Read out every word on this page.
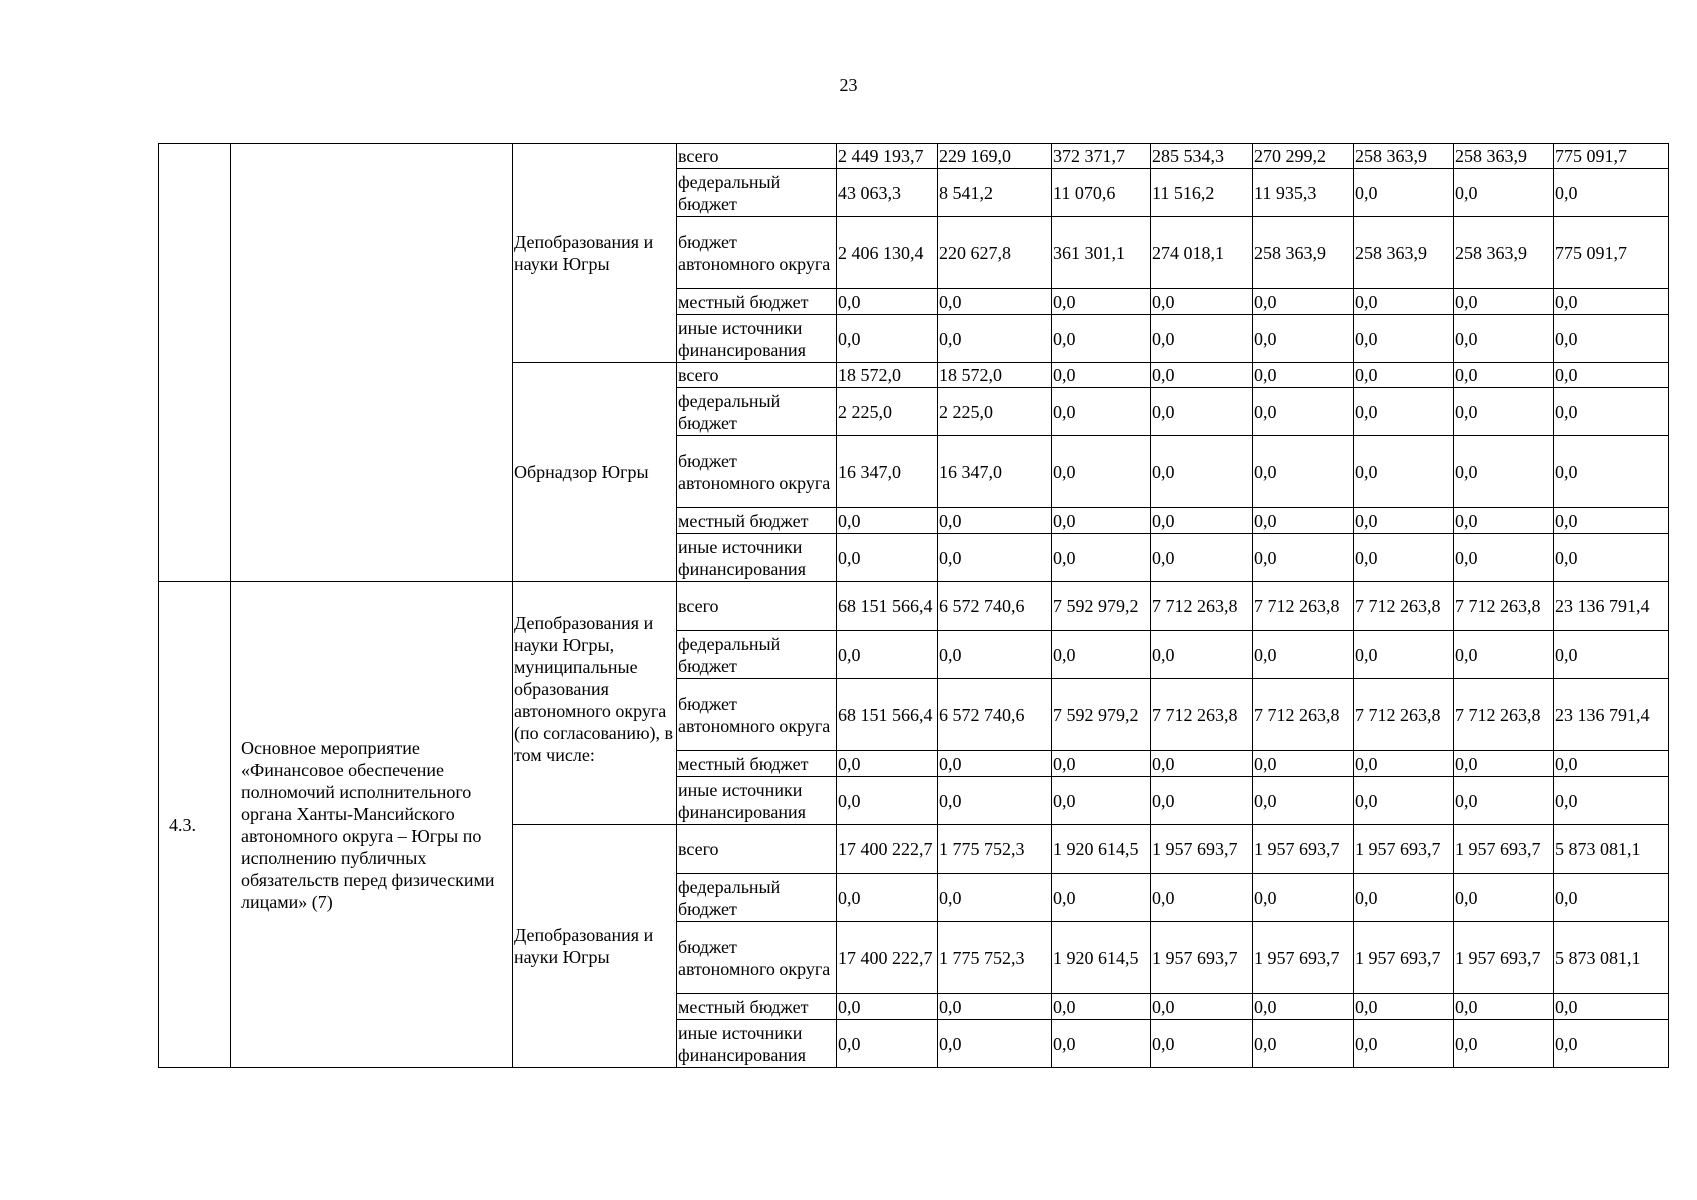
23
		Депобразования и науки Югры	всего	2 449 193,7	229 169,0	372 371,7	285 534,3	270 299,2	258 363,9	258 363,9	775 091,7
			федеральный бюджет	43 063,3	8 541,2	11 070,6	11 516,2	11 935,3	0,0	0,0	0,0
			бюджет автономного округа	2 406 130,4	220 627,8	361 301,1	274 018,1	258 363,9	258 363,9	258 363,9	775 091,7
			местный бюджет	0,0	0,0	0,0	0,0	0,0	0,0	0,0	0,0
			иные источники финансирования	0,0	0,0	0,0	0,0	0,0	0,0	0,0	0,0
		Обрнадзор Югры	всего	18 572,0	18 572,0	0,0	0,0	0,0	0,0	0,0	0,0
			федеральный бюджет	2 225,0	2 225,0	0,0	0,0	0,0	0,0	0,0	0,0
			бюджет автономного округа	16 347,0	16 347,0	0,0	0,0	0,0	0,0	0,0	0,0
			местный бюджет	0,0	0,0	0,0	0,0	0,0	0,0	0,0	0,0
			иные источники финансирования	0,0	0,0	0,0	0,0	0,0	0,0	0,0	0,0
4.3.	Основное мероприятие «Финансовое обеспечение полномочий исполнительного органа Ханты-Мансийского автономного округа – Югры по исполнению публичных обязательств перед физическими лицами» (7)	Депобразования и науки Югры, муниципальные образования автономного округа (по согласованию), в том числе:	всего	68 151 566,4	6 572 740,6	7 592 979,2	7 712 263,8	7 712 263,8	7 712 263,8	7 712 263,8	23 136 791,4
			федеральный бюджет	0,0	0,0	0,0	0,0	0,0	0,0	0,0	0,0
			бюджет автономного округа	68 151 566,4	6 572 740,6	7 592 979,2	7 712 263,8	7 712 263,8	7 712 263,8	7 712 263,8	23 136 791,4
			местный бюджет	0,0	0,0	0,0	0,0	0,0	0,0	0,0	0,0
			иные источники финансирования	0,0	0,0	0,0	0,0	0,0	0,0	0,0	0,0
		Депобразования и науки Югры	всего	17 400 222,7	1 775 752,3	1 920 614,5	1 957 693,7	1 957 693,7	1 957 693,7	1 957 693,7	5 873 081,1
			федеральный бюджет	0,0	0,0	0,0	0,0	0,0	0,0	0,0	0,0
			бюджет автономного округа	17 400 222,7	1 775 752,3	1 920 614,5	1 957 693,7	1 957 693,7	1 957 693,7	1 957 693,7	5 873 081,1
			местный бюджет	0,0	0,0	0,0	0,0	0,0	0,0	0,0	0,0
			иные источники финансирования	0,0	0,0	0,0	0,0	0,0	0,0	0,0	0,0
